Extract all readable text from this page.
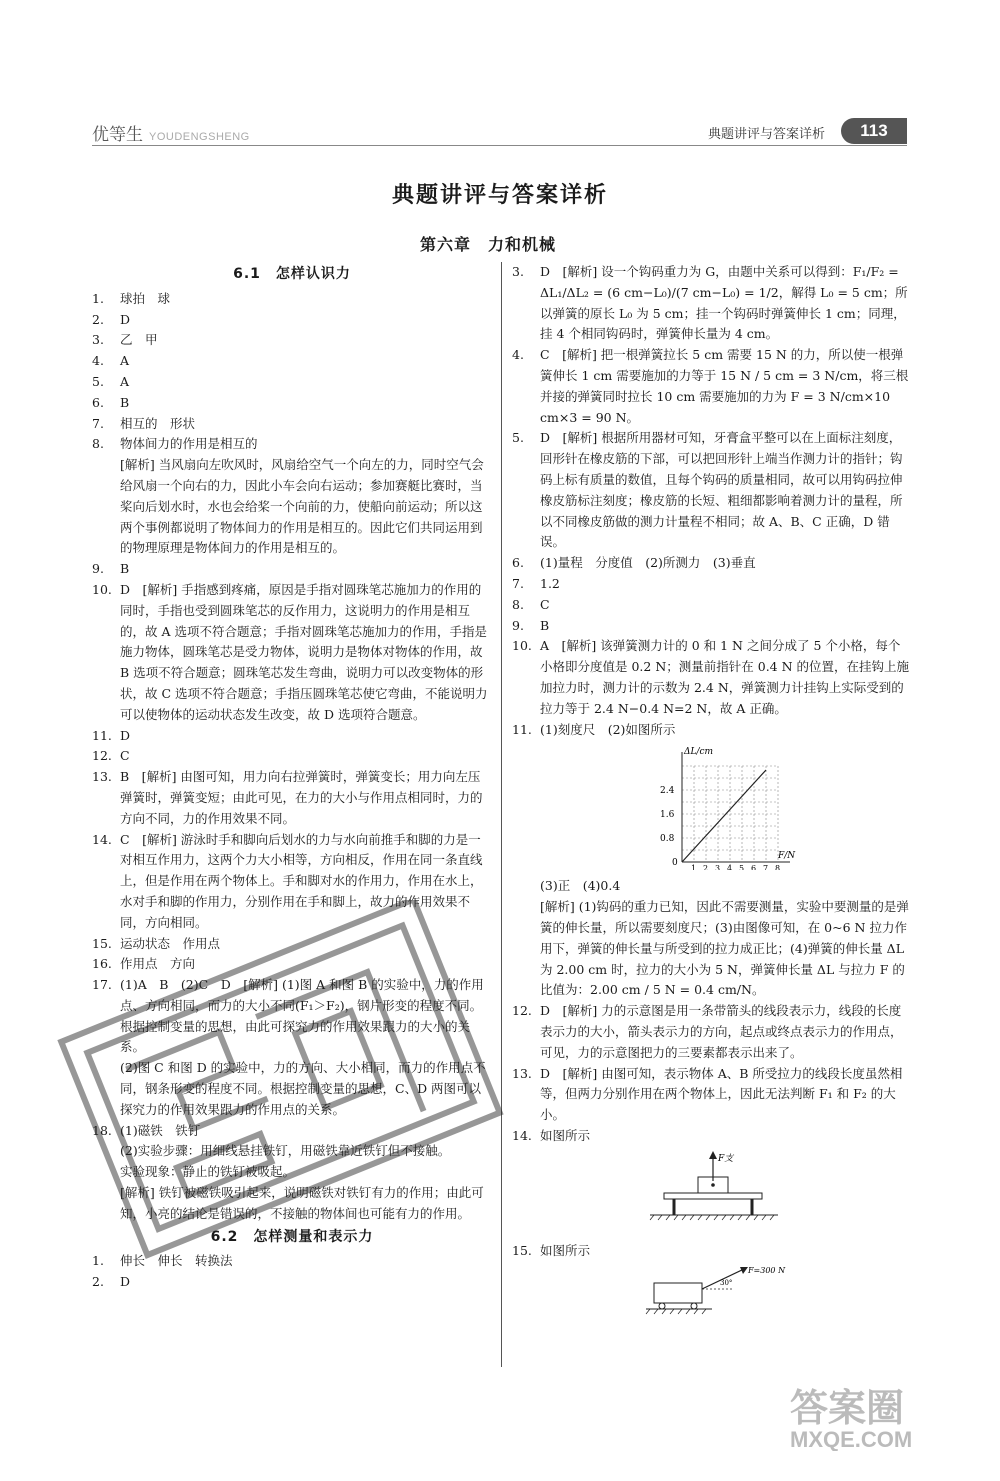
优等生 YOUDENGSHENG	典题讲评与答案详析	113
典题讲评与答案详析
第六章　力和机械
6.1　怎样认识力
1.	球拍　球
2.	D
3.	乙　甲
4.	A
5.	A
6.	B
7.	相互的　形状
8.	物体间力的作用是相互的
[解析] 当风扇向左吹风时，风扇给空气一个向左的力，同时空气会给风扇一个向右的力，因此小车会向右运动；参加赛艇比赛时，当桨向后划水时，水也会给桨一个向前的力，使船向前运动；所以这两个事例都说明了物体间力的作用是相互的。因此它们共同运用到的物理原理是物体间力的作用是相互的。
9.	B
10. D　[解析] 手指感到疼痛，原因是手指对圆珠笔芯施加力的作用的同时，手指也受到圆珠笔芯的反作用力，这说明力的作用是相互的，故 A 选项不符合题意；手指对圆珠笔芯施加力的作用，手指是施力物体，圆珠笔芯是受力物体，说明力是物体对物体的作用，故 B 选项不符合题意；圆珠笔芯发生弯曲，说明力可以改变物体的形状，故 C 选项不符合题意；手指压圆珠笔芯使它弯曲，不能说明力可以使物体的运动状态发生改变，故 D 选项符合题意。
11. D
12. C
13. B　[解析] 由图可知，用力向右拉弹簧时，弹簧变长；用力向左压弹簧时，弹簧变短；由此可见，在力的大小与作用点相同时，力的方向不同，力的作用效果不同。
14. C　[解析] 游泳时手和脚向后划水的力与水向前推手和脚的力是一对相互作用力，这两个力大小相等，方向相反，作用在同一条直线上，但是作用在两个物体上。手和脚对水的作用力，作用在水上，水对手和脚的作用力，分别作用在手和脚上，故力的作用效果不同，方向相同。
15. 运动状态　作用点
16. 作用点　方向
17. (1)A　B　(2)C　D　[解析] (1)图 A 和图 B 的实验中，力的作用点、方向相同，而力的大小不同(F₁＞F₂)，钢片形变的程度不同。根据控制变量的思想，由此可探究力的作用效果跟力的大小的关系。
(2)图 C 和图 D 的实验中，力的方向、大小相同，而力的作用点不同，钢条形变的程度不同。根据控制变量的思想，C、D 两图可以探究力的作用效果跟力的作用点的关系。
18. (1)磁铁　铁钉
(2)实验步骤：用细线悬挂铁钉，用磁铁靠近铁钉但不接触。
实验现象：静止的铁钉被吸起。
[解析] 铁钉被磁铁吸引起来，说明磁铁对铁钉有力的作用；由此可知，小亮的结论是错误的，不接触的物体间也可能有力的作用。
6.2　怎样测量和表示力
1.	伸长　伸长　转换法
2.	D
3.	D　[解析] 设一个钩码重力为 G，由题中关系可以得到：F₁/F₂ = ΔL₁/ΔL₂ = (6 cm−L₀)/(7 cm−L₀) = 1/2，解得 L₀ = 5 cm；所以弹簧的原长 L₀ 为 5 cm；挂一个钩码时弹簧伸长 1 cm；同理，挂 4 个相同钩码时，弹簧伸长量为 4 cm。
4.	C　[解析] 把一根弹簧拉长 5 cm 需要 15 N 的力，所以使一根弹簧伸长 1 cm 需要施加的力等于 15 N / 5 cm = 3 N/cm，将三根并接的弹簧同时拉长 10 cm 需要施加的力为 F = 3 N/cm×10 cm×3 = 90 N。
5.	D　[解析] 根据所用器材可知，牙膏盒平整可以在上面标注刻度，回形针在橡皮筋的下部，可以把回形针上端当作测力计的指针；钩码上标有质量的数值，且每个钩码的质量相同，故可以用钩码拉伸橡皮筋标注刻度；橡皮筋的长短、粗细都影响着测力计的量程，所以不同橡皮筋做的测力计量程不相同；故 A、B、C 正确，D 错误。
6.	(1)量程　分度值　(2)所测力　(3)垂直
7.	1.2
8.	C
9.	B
10. A　[解析] 该弹簧测力计的 0 和 1 N 之间分成了 5 个小格，每个小格即分度值是 0.2 N；测量前指针在 0.4 N 的位置，在挂钩上施加拉力时，测力计的示数为 2.4 N，弹簧测力计挂钩上实际受到的拉力等于 2.4 N−0.4 N=2 N，故 A 正确。
11. (1)刻度尺　(2)如图所示
ΔL/cm
F/N
2.4
1.6
0.8
0
1 2 3 4 5 6 7 8
(3)正　(4)0.4
[解析] (1)钩码的重力已知，因此不需要测量，实验中要测量的是弹簧的伸长量，所以需要刻度尺；(3)由图像可知，在 0~6 N 拉力作用下，弹簧的伸长量与所受到的拉力成正比；(4)弹簧的伸长量 ΔL 为 2.00 cm 时，拉力的大小为 5 N，弹簧伸长量 ΔL 与拉力 F 的比值为：2.00 cm / 5 N = 0.4 cm/N。
12. D　[解析] 力的示意图是用一条带箭头的线段表示力，线段的长度表示力的大小，箭头表示力的方向，起点或终点表示力的作用点，可见，力的示意图把力的三要素都表示出来了。
13. D　[解析] 由图可知，表示物体 A、B 所受拉力的线段长度虽然相等，但两力分别作用在两个物体上，因此无法判断 F₁ 和 F₂ 的大小。
14. 如图所示
F支
15. 如图所示
F=300 N
30°
答案圈
MXQE.COM
